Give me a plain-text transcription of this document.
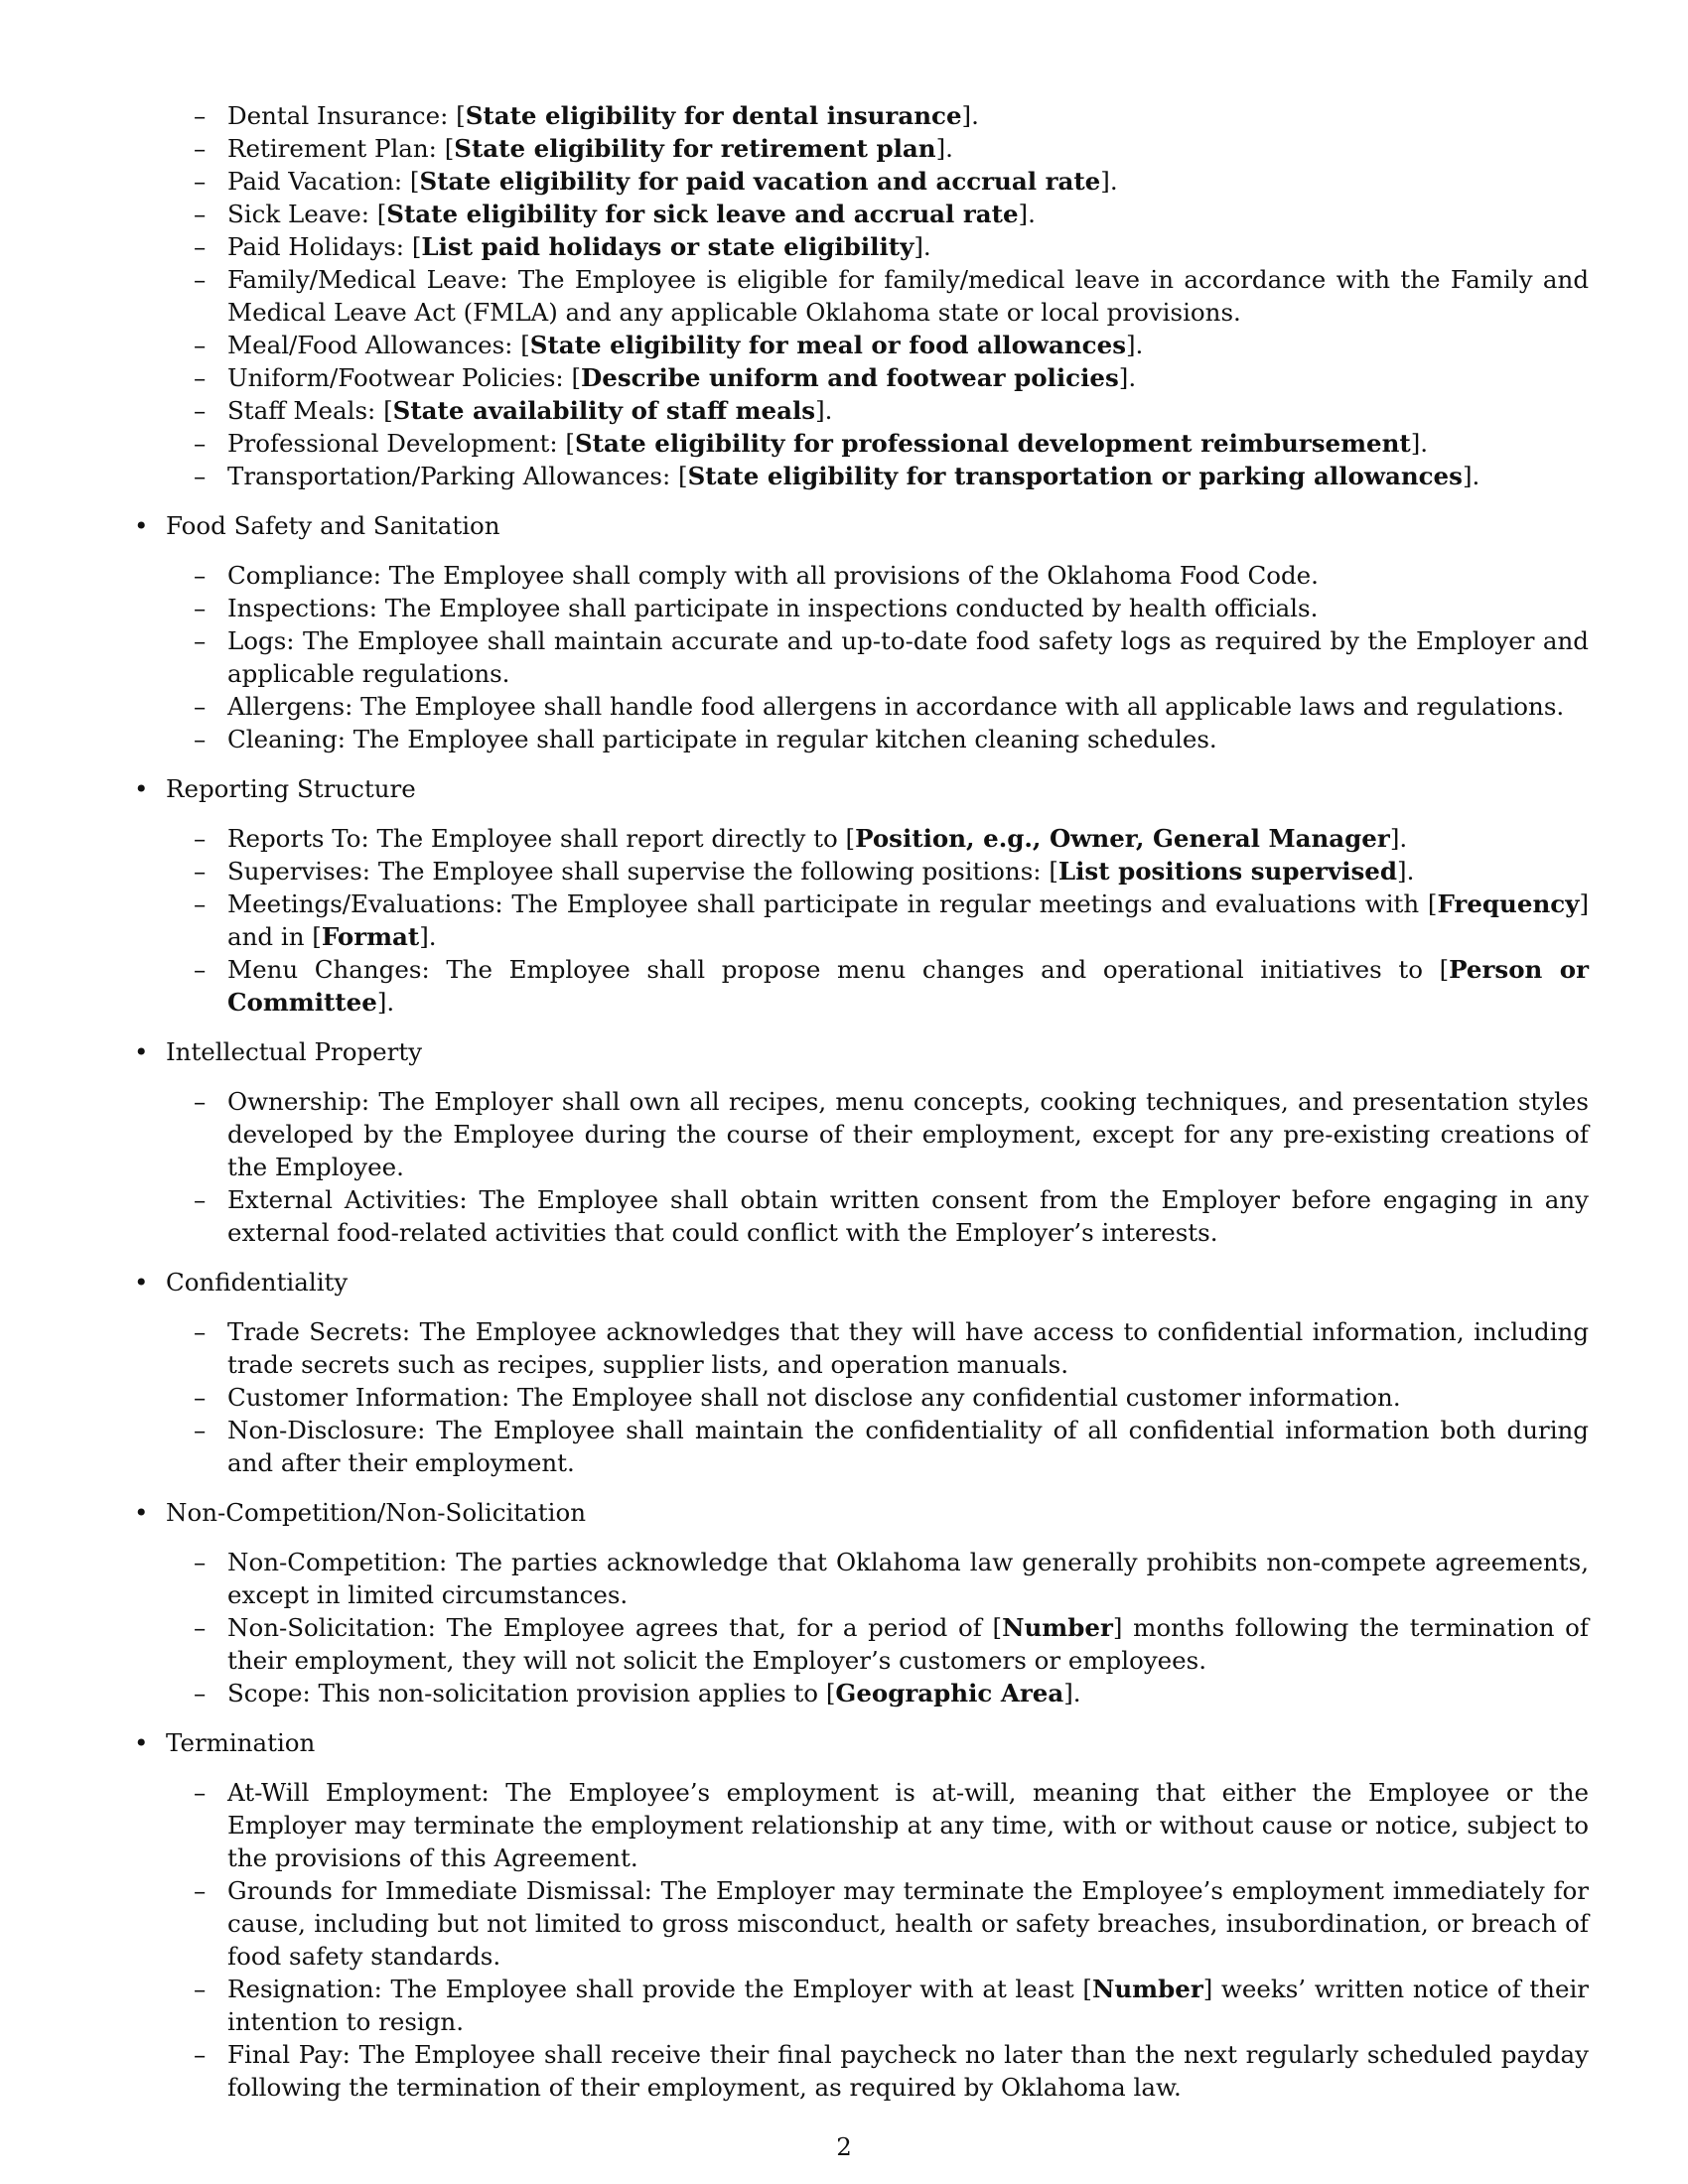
– Dental Insurance: [State eligibility for dental insurance].
– Retirement Plan: [State eligibility for retirement plan].
– Paid Vacation: [State eligibility for paid vacation and accrual rate].
– Sick Leave: [State eligibility for sick leave and accrual rate].
– Paid Holidays: [List paid holidays or state eligibility].
– Family/Medical Leave: The Employee is eligible for family/medical leave in accordance with the Family and Medical Leave Act (FMLA) and any applicable Oklahoma state or local provisions.
– Meal/Food Allowances: [State eligibility for meal or food allowances].
– Uniform/Footwear Policies: [Describe uniform and footwear policies].
– Staff Meals: [State availability of staff meals].
– Professional Development: [State eligibility for professional development reimbursement].
– Transportation/Parking Allowances: [State eligibility for transportation or parking allowances].
• Food Safety and Sanitation
– Compliance: The Employee shall comply with all provisions of the Oklahoma Food Code.
– Inspections: The Employee shall participate in inspections conducted by health officials.
– Logs: The Employee shall maintain accurate and up-to-date food safety logs as required by the Employer and applicable regulations.
– Allergens: The Employee shall handle food allergens in accordance with all applicable laws and regulations.
– Cleaning: The Employee shall participate in regular kitchen cleaning schedules.
• Reporting Structure
– Reports To: The Employee shall report directly to [Position, e.g., Owner, General Manager].
– Supervises: The Employee shall supervise the following positions: [List positions supervised].
– Meetings/Evaluations: The Employee shall participate in regular meetings and evaluations with [Frequency] and in [Format].
– Menu Changes: The Employee shall propose menu changes and operational initiatives to [Person or Committee].
• Intellectual Property
– Ownership: The Employer shall own all recipes, menu concepts, cooking techniques, and presentation styles developed by the Employee during the course of their employment, except for any pre-existing creations of the Employee.
– External Activities: The Employee shall obtain written consent from the Employer before engaging in any external food-related activities that could conflict with the Employer’s interests.
• Confidentiality
– Trade Secrets: The Employee acknowledges that they will have access to confidential information, including trade secrets such as recipes, supplier lists, and operation manuals.
– Customer Information: The Employee shall not disclose any confidential customer information.
– Non-Disclosure: The Employee shall maintain the confidentiality of all confidential information both during and after their employment.
• Non-Competition/Non-Solicitation
– Non-Competition: The parties acknowledge that Oklahoma law generally prohibits non-compete agreements, except in limited circumstances.
– Non-Solicitation: The Employee agrees that, for a period of [Number] months following the termination of their employment, they will not solicit the Employer’s customers or employees.
– Scope: This non-solicitation provision applies to [Geographic Area].
• Termination
– At-Will Employment: The Employee’s employment is at-will, meaning that either the Employee or the Employer may terminate the employment relationship at any time, with or without cause or notice, subject to the provisions of this Agreement.
– Grounds for Immediate Dismissal: The Employer may terminate the Employee’s employment immediately for cause, including but not limited to gross misconduct, health or safety breaches, insubordination, or breach of food safety standards.
– Resignation: The Employee shall provide the Employer with at least [Number] weeks’ written notice of their intention to resign.
– Final Pay: The Employee shall receive their final paycheck no later than the next regularly scheduled payday following the termination of their employment, as required by Oklahoma law.
2
